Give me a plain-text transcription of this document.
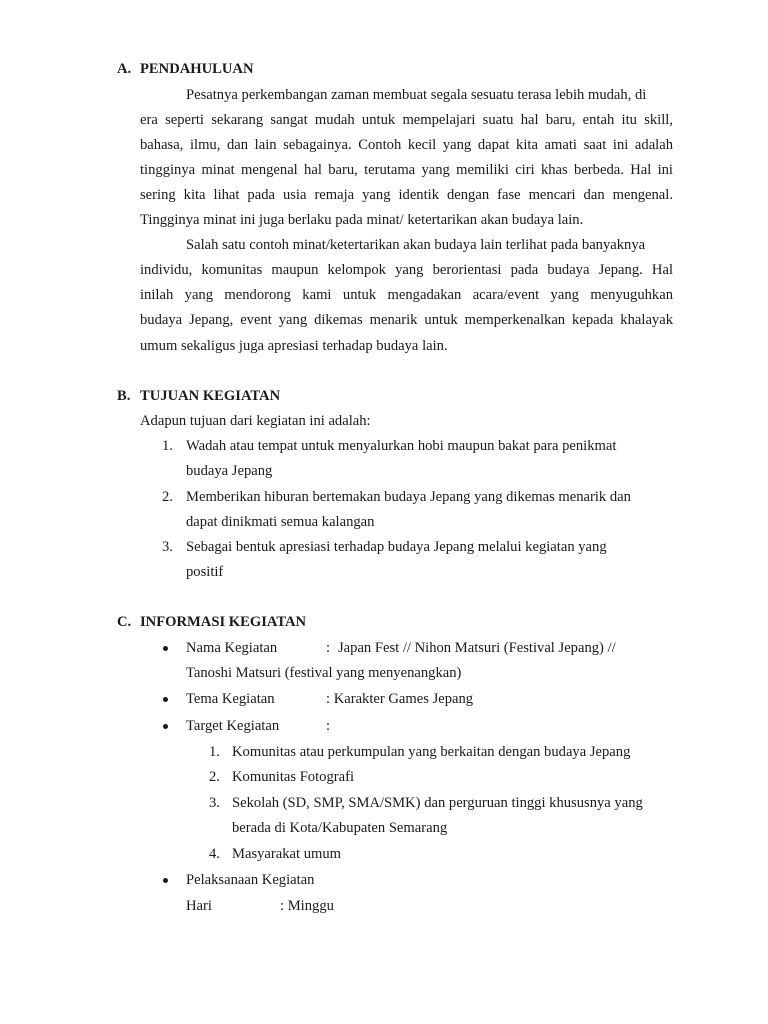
A. PENDAHULUAN
Pesatnya perkembangan zaman membuat segala sesuatu terasa lebih mudah, di
era seperti sekarang sangat mudah untuk mempelajari suatu hal baru, entah itu skill,
bahasa, ilmu, dan lain sebagainya. Contoh kecil yang dapat kita amati saat ini adalah
tingginya minat mengenal hal baru, terutama yang memiliki ciri khas berbeda. Hal ini
sering kita lihat pada usia remaja yang identik dengan fase mencari dan mengenal.
Tingginya minat ini juga berlaku pada minat/ ketertarikan akan budaya lain.
Salah satu contoh minat/ketertarikan akan budaya lain terlihat pada banyaknya
individu, komunitas maupun kelompok yang berorientasi pada budaya Jepang. Hal
inilah yang mendorong kami untuk mengadakan acara/event yang menyuguhkan
budaya Jepang, event yang dikemas menarik untuk memperkenalkan kepada khalayak
umum sekaligus juga apresiasi terhadap budaya lain.
B. TUJUAN KEGIATAN
Adapun tujuan dari kegiatan ini adalah:
1. Wadah atau tempat untuk menyalurkan hobi maupun bakat para penikmat
budaya Jepang
2. Memberikan hiburan bertemakan budaya Jepang yang dikemas menarik dan
dapat dinikmati semua kalangan
3. Sebagai bentuk apresiasi terhadap budaya Jepang melalui kegiatan yang
positif
C. INFORMASI KEGIATAN
Nama Kegiatan	: Japan Fest // Nihon Matsuri (Festival Jepang) //
Tanoshi Matsuri (festival yang menyenangkan)
Tema Kegiatan	: Karakter Games Jepang
Target Kegiatan	:
1. Komunitas atau perkumpulan yang berkaitan dengan budaya Jepang
2. Komunitas Fotografi
3. Sekolah (SD, SMP, SMA/SMK) dan perguruan tinggi khususnya yang
berada di Kota/Kabupaten Semarang
4. Masyarakat umum
Pelaksanaan Kegiatan
Hari	: Minggu
